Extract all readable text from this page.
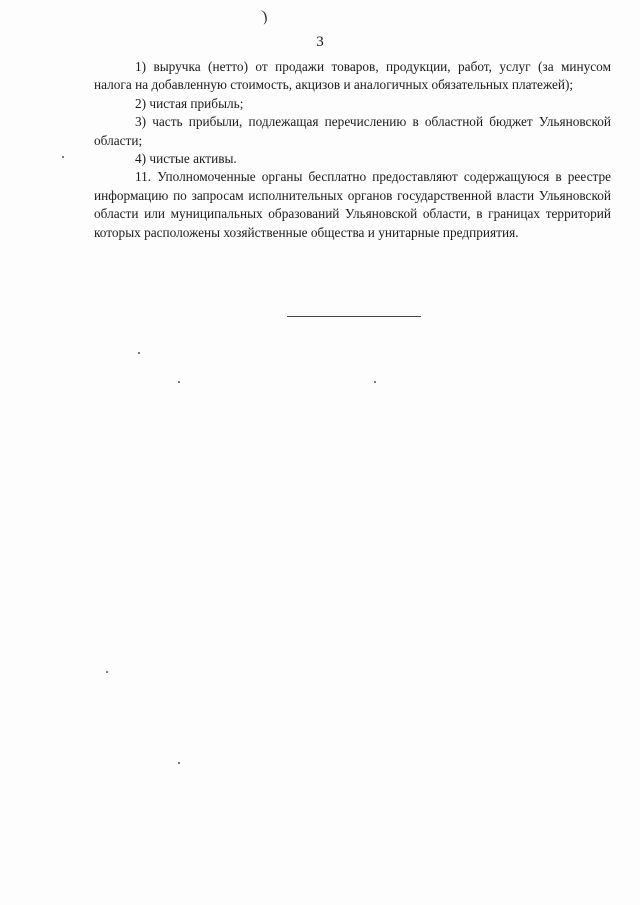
)
3

1) выручка (нетто) от продажи товаров, продукции, работ, услуг (за минусом налога на добавленную стоимость, акцизов и аналогичных обязательных платежей);

2) чистая прибыль;

3) часть прибыли, подлежащая перечислению в областной бюджет Ульяновской области;

4) чистые активы.

11. Уполномоченные органы бесплатно предоставляют содержащуюся в реестре информацию по запросам исполнительных органов государственной власти Ульяновской области или муниципальных образований Ульяновской области, в границах территорий которых расположены хозяйственные общества и унитарные предприятия.
